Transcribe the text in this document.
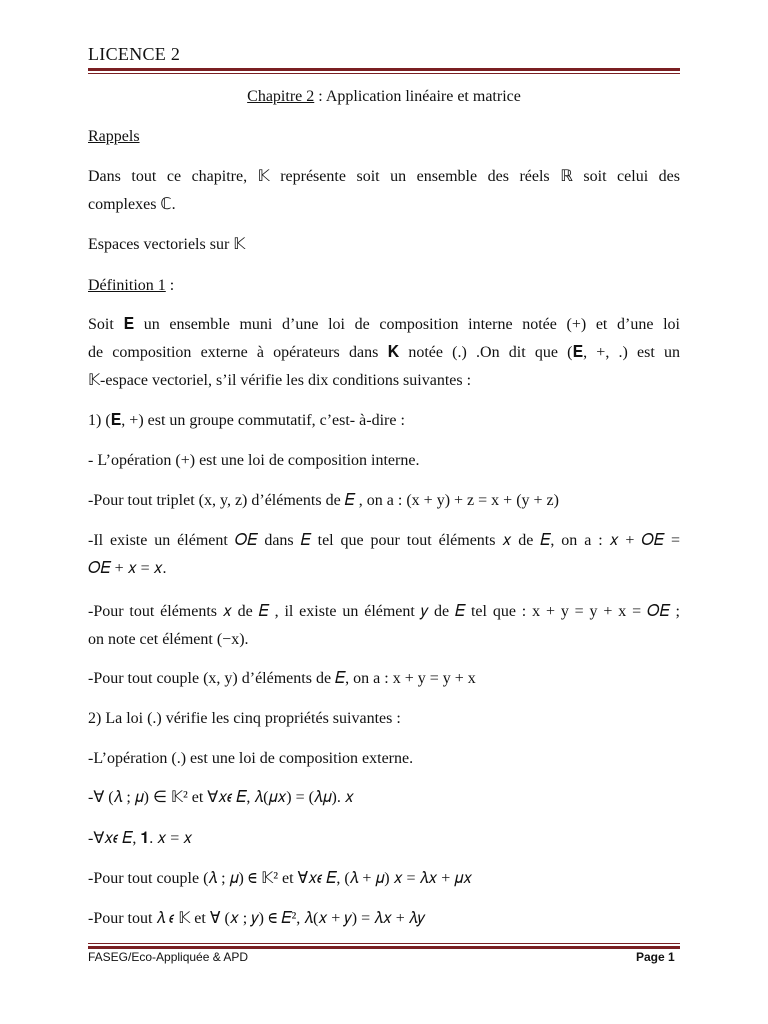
LICENCE 2
Chapitre 2 : Application linéaire et matrice
Rappels
Dans tout ce chapitre, 𝕂 représente soit un ensemble des réels ℝ soit celui des
complexes ℂ.
Espaces vectoriels sur 𝕂
Définition 1 :
Soit 𝐄 un ensemble muni d’une loi de composition interne notée (+) et d’une loi
de composition externe à opérateurs dans 𝐊 notée (.) .On dit que (𝐄, +, .) est un
𝕂-espace vectoriel, s’il vérifie les dix conditions suivantes :
1) (𝐄, +) est un groupe commutatif, c’est- à-dire :
- L’opération (+) est une loi de composition interne.
-Pour tout triplet (x, y, z) d’éléments de 𝐸 , on a : (x + y) + z = x + (y + z)
-Il existe un élément 𝑂𝐸 dans 𝐸 tel que pour tout éléments 𝑥 de 𝐸, on a : 𝑥 + 𝑂𝐸 =
𝑂𝐸 + 𝑥 = 𝑥.
-Pour tout éléments 𝑥 de 𝐸 , il existe un élément 𝑦 de 𝐸 tel que : x + y = y + x = 𝑂𝐸 ;
on note cet élément (−x).
-Pour tout couple (x, y) d’éléments de 𝐸, on a : x + y = y + x
2) La loi (.) vérifie les cinq propriétés suivantes :
-L’opération (.) est une loi de composition externe.
-∀ (𝜆 ; 𝜇) ∈ 𝕂² et ∀𝑥𝜖 𝐸, 𝜆(𝜇𝑥) = (𝜆𝜇). 𝑥
-∀𝑥𝜖 𝐸, 𝟏. 𝑥 = 𝑥
-Pour tout couple (𝜆 ; 𝜇) ∈ 𝕂² et ∀𝑥𝜖 𝐸, (𝜆 + 𝜇) 𝑥 = 𝜆𝑥 + 𝜇𝑥
-Pour tout 𝜆 𝜖 𝕂 et ∀ (𝑥 ; 𝑦) ∈ 𝐸², 𝜆(𝑥 + 𝑦) = 𝜆𝑥 + 𝜆𝑦
FASEG/Eco-Appliquée & APD	Page 1
